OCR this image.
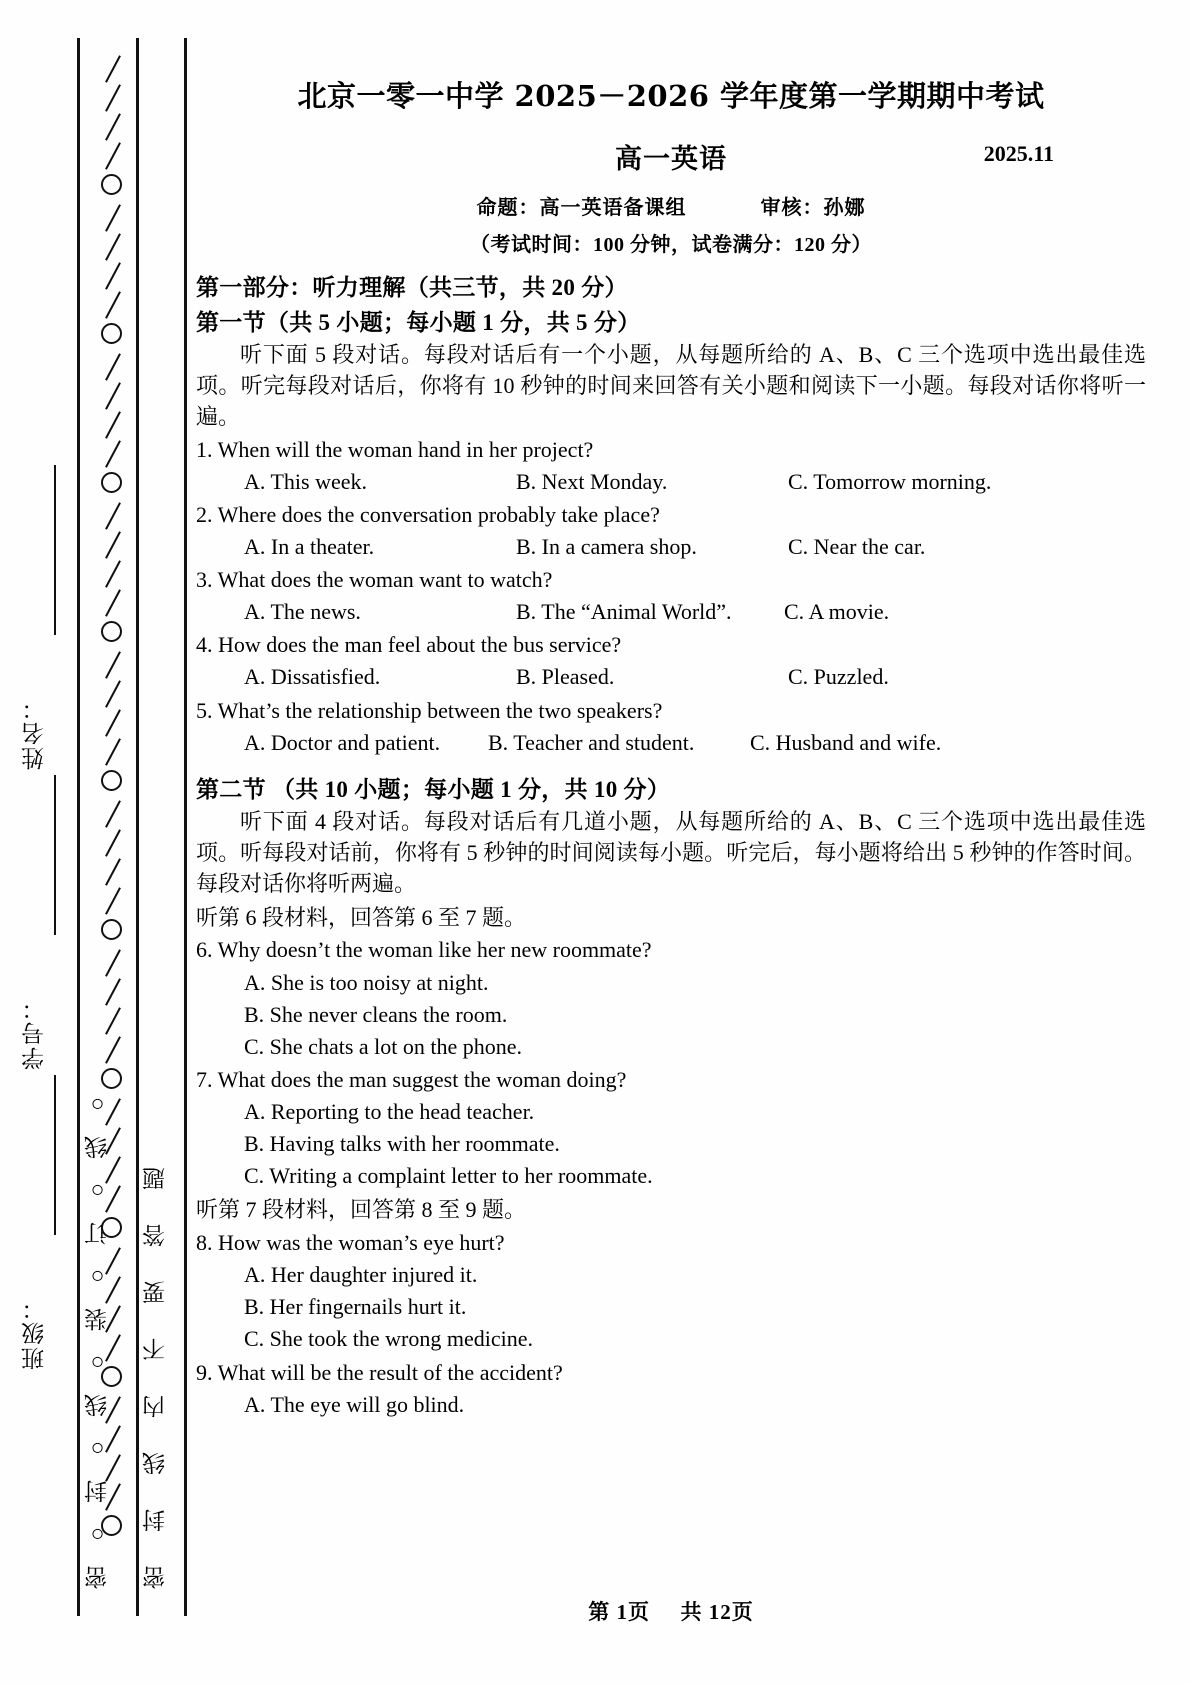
姓名：
学号：
班级：	密○封○线○装○订○线○ 密封线内不要答题
北京一零一中学 2025－2026 学年度第一学期期中考试
高一英语	2025.11
命题：高一英语备课组	审核：孙娜
（考试时间：100 分钟，试卷满分：120 分）
第一部分：听力理解（共三节，共 20 分）
第一节（共 5 小题；每小题 1 分，共 5 分）
听下面 5 段对话。每段对话后有一个小题，从每题所给的 A、B、C 三个选项中选出最佳选项。听完每段对话后，你将有 10 秒钟的时间来回答有关小题和阅读下一小题。每段对话你将听一遍。
1. When will the woman hand in her project?
A. This week.	B. Next Monday.	C. Tomorrow morning.
2. Where does the conversation probably take place?
A. In a theater.	B. In a camera shop.	C. Near the car.
3. What does the woman want to watch?
A. The news.	B. The “Animal World”.	C. A movie.
4. How does the man feel about the bus service?
A. Dissatisfied.	B. Pleased.	C. Puzzled.
5. What’s the relationship between the two speakers?
A. Doctor and patient.	B. Teacher and student.	C. Husband and wife.
第二节 （共 10 小题；每小题 1 分，共 10 分）
听下面 4 段对话。每段对话后有几道小题，从每题所给的 A、B、C 三个选项中选出最佳选项。听每段对话前，你将有 5 秒钟的时间阅读每小题。听完后，每小题将给出 5 秒钟的作答时间。每段对话你将听两遍。
听第 6 段材料，回答第 6 至 7 题。
6. Why doesn’t the woman like her new roommate?
A. She is too noisy at night.
B. She never cleans the room.
C. She chats a lot on the phone.
7. What does the man suggest the woman doing?
A. Reporting to the head teacher.
B. Having talks with her roommate.
C. Writing a complaint letter to her roommate.
听第 7 段材料，回答第 8 至 9 题。
8. How was the woman’s eye hurt?
A. Her daughter injured it.
B. Her fingernails hurt it.
C. She took the wrong medicine.
9. What will be the result of the accident?
A. The eye will go blind.
第 1页 共 12页
